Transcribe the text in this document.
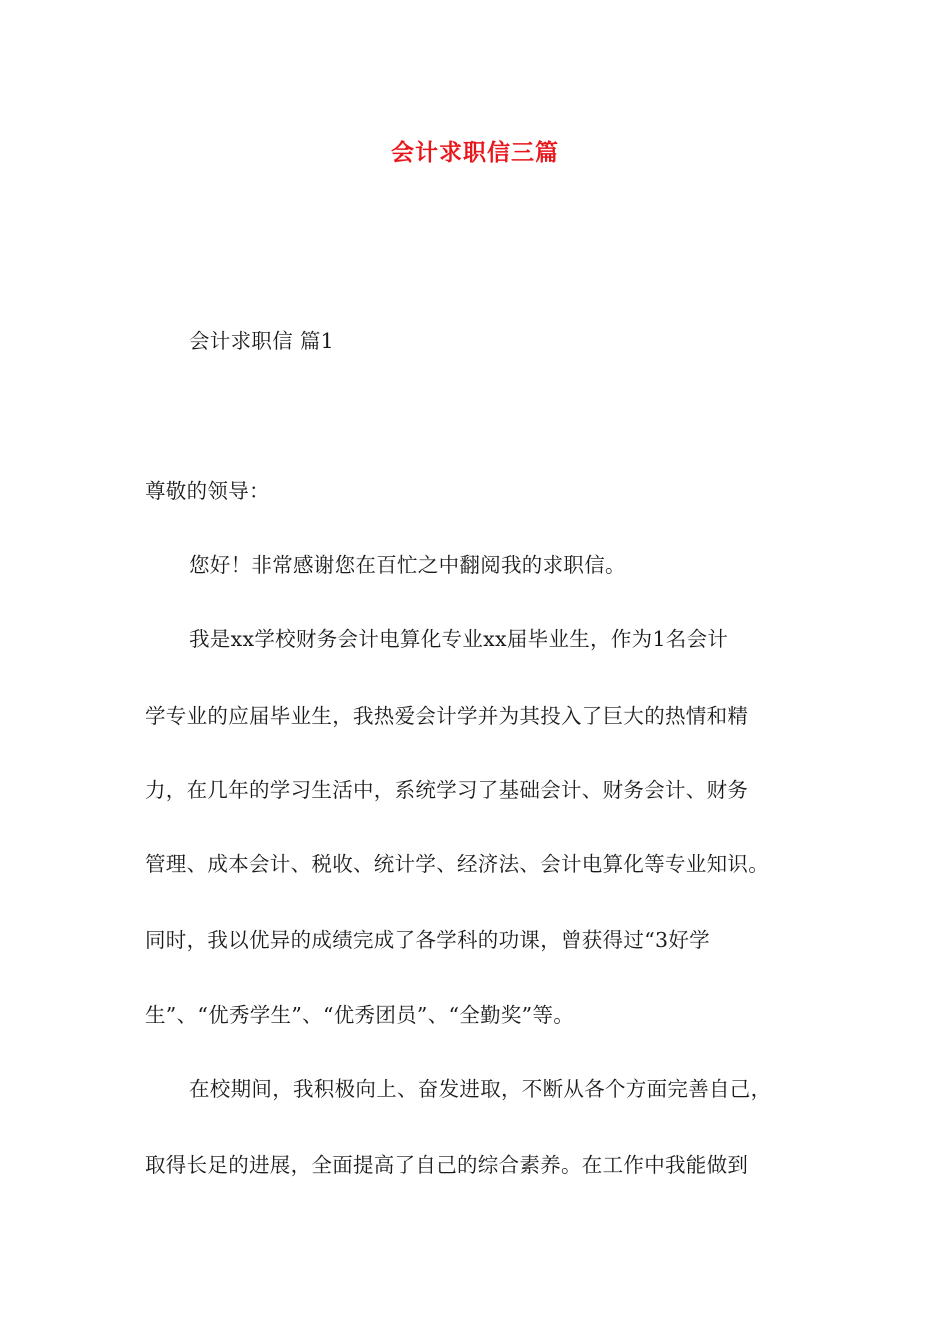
会计求职信三篇
会计求职信 篇1
尊敬的领导：
您好！非常感谢您在百忙之中翻阅我的求职信。
我是xx学校财务会计电算化专业xx届毕业生，作为1名会计
学专业的应届毕业生，我热爱会计学并为其投入了巨大的热情和精
力，在几年的学习生活中，系统学习了基础会计、财务会计、财务
管理、成本会计、税收、统计学、经济法、会计电算化等专业知识。
同时，我以优异的成绩完成了各学科的功课，曾获得过“3好学
生”、“优秀学生”、“优秀团员”、“全勤奖”等。
在校期间，我积极向上、奋发进取，不断从各个方面完善自己，
取得长足的进展，全面提高了自己的综合素养。在工作中我能做到
